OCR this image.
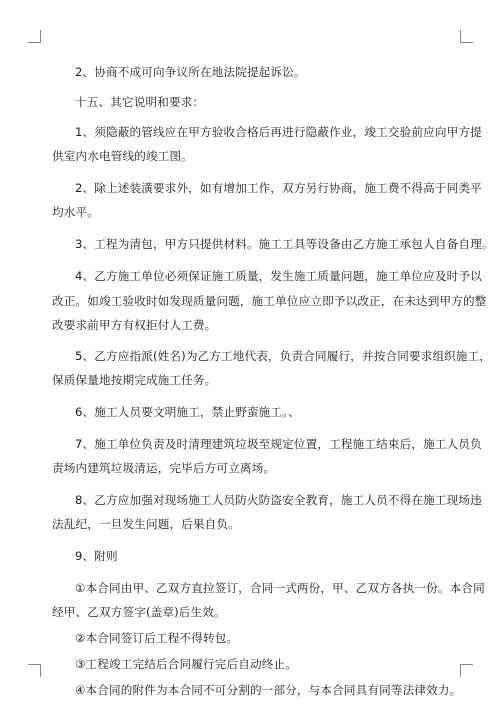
2、协商不成可向争议所在地法院提起诉讼。
十五、其它说明和要求：
1、须隐蔽的管线应在甲方验收合格后再进行隐蔽作业，竣工交验前应向甲方提
供室内水电管线的竣工图。
2、除上述装潢要求外，如有增加工作，双方另行协商，施工费不得高于同类平
均水平。
3、工程为清包，甲方只提供材料。施工工具等设备由乙方施工承包人自备自理。
4、乙方施工单位必须保证施工质量，发生施工质量问题，施工单位应及时予以
改正。如竣工验收时如发现质量问题，施工单位应立即予以改正，在未达到甲方的整
改要求前甲方有权拒付人工费。
5、乙方应指派(姓名)为乙方工地代表，负责合同履行，并按合同要求组织施工，
保质保量地按期完成施工任务。
6、施工人员要文明施工，禁止野蛮施工。、
7、施工单位负责及时清理建筑垃圾至规定位置，工程施工结束后，施工人员负
责场内建筑垃圾清运，完毕后方可立离场。
8、乙方应加强对现场施工人员防火防盗安全教育，施工人员不得在施工现场违
法乱纪，一旦发生问题，后果自负。
9、附则
①本合同由甲、乙双方直拉签订，合同一式两份，甲、乙双方各执一份。本合同
经甲、乙双方签字(盖章)后生效。
②本合同签订后工程不得转包。
③工程竣工完结后合同履行完后自动终止。
④本合同的附件为本合同不可分割的一部分，与本合同具有同等法律效力。
